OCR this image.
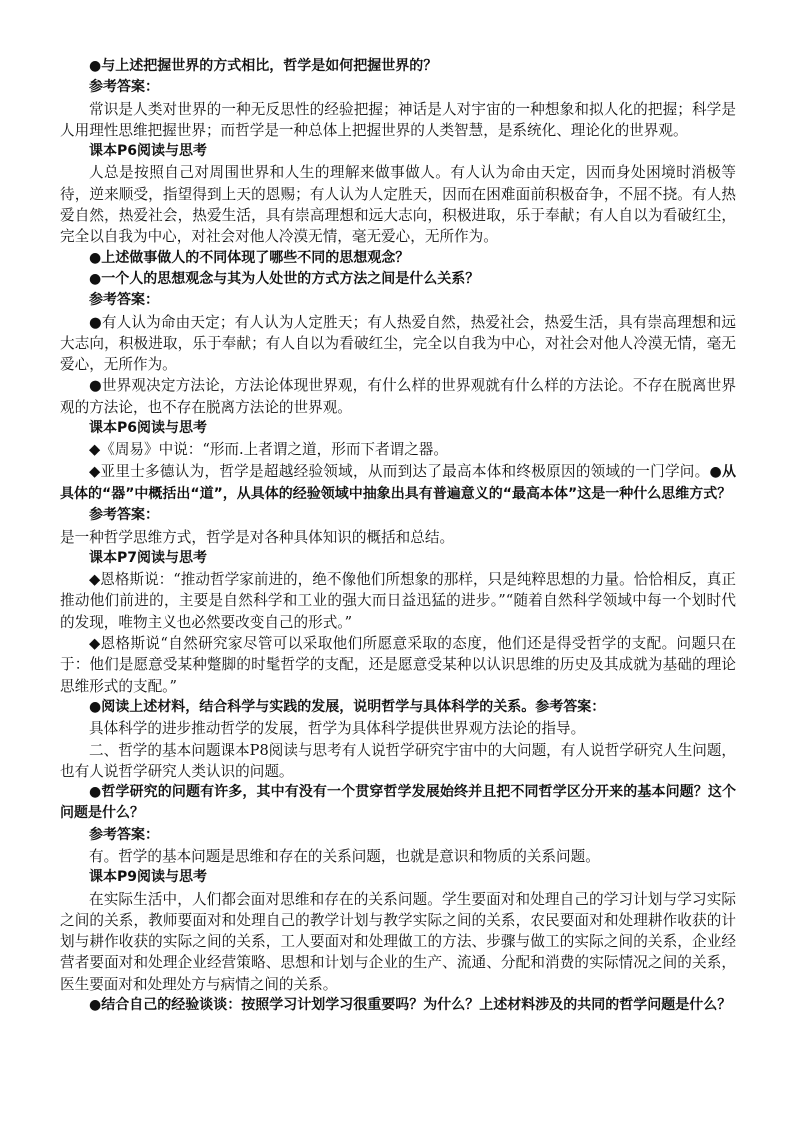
●与上述把握世界的方式相比，哲学是如何把握世界的？

参考答案：

常识是人类对世界的一种无反思性的经验把握；神话是人对宇宙的一种想象和拟人化的把握；科学是人用理性思维把握世界；而哲学是一种总体上把握世界的人类智慧，是系统化、理论化的世界观。

课本P6阅读与思考

人总是按照自己对周围世界和人生的理解来做事做人。有人认为命由天定，因而身处困境时消极等待，逆来顺受，指望得到上天的恩赐；有人认为人定胜天，因而在困难面前积极奋争，不屈不挠。有人热爱自然，热爱社会，热爱生活，具有崇高理想和远大志向，积极进取，乐于奉献；有人自以为看破红尘，完全以自我为中心，对社会对他人冷漠无情，毫无爱心，无所作为。

●上述做事做人的不同体现了哪些不同的思想观念？

●一个人的思想观念与其为人处世的方式方法之间是什么关系？

参考答案：

●有人认为命由天定；有人认为人定胜天；有人热爱自然，热爱社会，热爱生活，具有崇高理想和远大志向，积极进取，乐于奉献；有人自以为看破红尘，完全以自我为中心，对社会对他人冷漠无情，毫无爱心，无所作为。

●世界观决定方法论，方法论体现世界观，有什么样的世界观就有什么样的方法论。不存在脱离世界观的方法论，也不存在脱离方法论的世界观。

课本P6阅读与思考

◆《周易》中说：“形而.上者谓之道，形而下者谓之器。

◆亚里士多德认为，哲学是超越经验领域，从而到达了最高本体和终极原因的领域的一门学问。●从具体的“器”中概括出“道”，从具体的经验领域中抽象出具有普遍意义的“最高本体”这是一种什么思维方式？

参考答案：

是一种哲学思维方式，哲学是对各种具体知识的概括和总结。

课本P7阅读与思考

◆恩格斯说：“推动哲学家前进的，绝不像他们所想象的那样，只是纯粹思想的力量。恰恰相反，真正推动他们前进的，主要是自然科学和工业的强大而日益迅猛的进步。”“随着自然科学领域中每一个划时代的发现，唯物主义也必然要改变自己的形式。”

◆恩格斯说“自然研究家尽管可以采取他们所愿意采取的态度，他们还是得受哲学的支配。问题只在于：他们是愿意受某种蹩脚的时髦哲学的支配，还是愿意受某种以认识思维的历史及其成就为基础的理论思维形式的支配。”

●阅读上述材料，结合科学与实践的发展，说明哲学与具体科学的关系。参考答案：

具体科学的进步推动哲学的发展，哲学为具体科学提供世界观方法论的指导。

二、哲学的基本问题课本P8阅读与思考有人说哲学研究宇宙中的大问题，有人说哲学研究人生问题，也有人说哲学研究人类认识的问题。

●哲学研究的问题有许多，其中有没有一个贯穿哲学发展始终并且把不同哲学区分开来的基本问题？这个问题是什么？

参考答案：

有。哲学的基本问题是思维和存在的关系问题，也就是意识和物质的关系问题。

课本P9阅读与思考

在实际生活中，人们都会面对思维和存在的关系问题。学生要面对和处理自己的学习计划与学习实际之间的关系，教师要面对和处理自己的教学计划与教学实际之间的关系，农民要面对和处理耕作收获的计划与耕作收获的实际之间的关系，工人要面对和处理做工的方法、步骤与做工的实际之间的关系，企业经营者要面对和处理企业经营策略、思想和计划与企业的生产、流通、分配和消费的实际情况之间的关系，医生要面对和处理处方与病情之间的关系。

●结合自己的经验谈谈：按照学习计划学习很重要吗？为什么？上述材料涉及的共同的哲学问题是什么？
